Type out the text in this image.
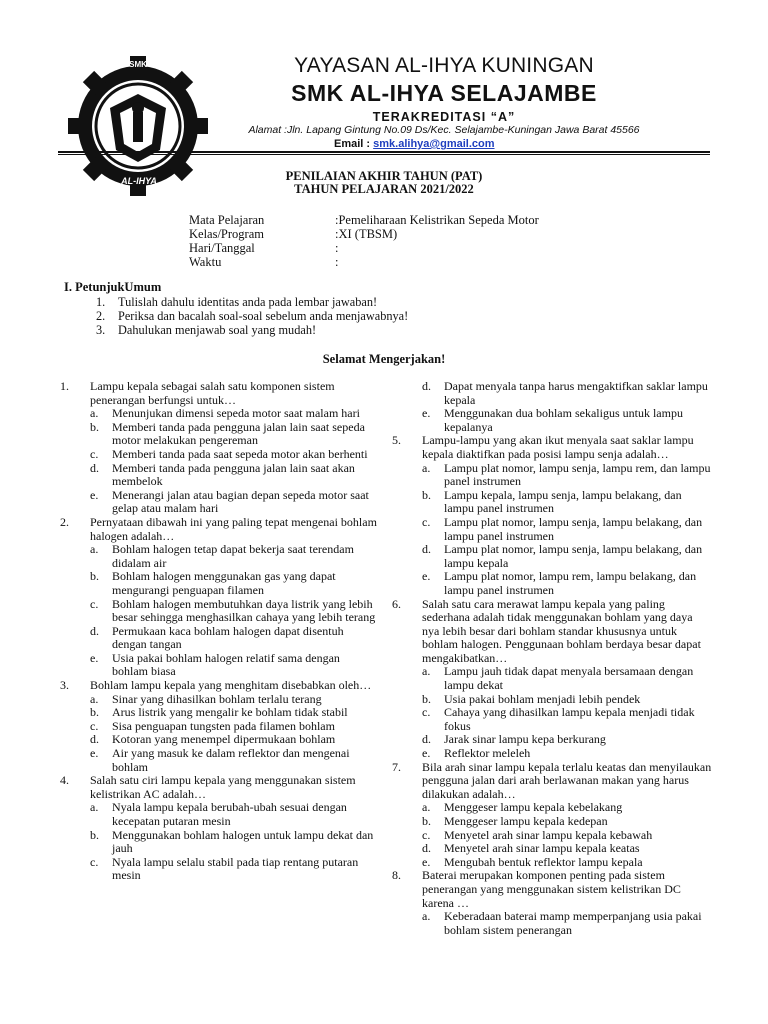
SMK
AL-IHYA
YAYASAN AL-IHYA KUNINGAN
SMK AL-IHYA SELAJAMBE
TERAKREDITASI “A”
Alamat :Jln. Lapang Gintung No.09 Ds/Kec. Selajambe-Kuningan Jawa Barat 45566
Email : smk.alihya@gmail.com
PENILAIAN AKHIR TAHUN (PAT)
TAHUN PELAJARAN 2021/2022
Mata Pelajaran	:Pemeliharaan Kelistrikan Sepeda Motor
Kelas/Program	:XI (TBSM)
Hari/Tanggal	:
Waktu	:
I. PetunjukUmum
1. Tulislah dahulu identitas anda pada lembar jawaban!
2. Periksa dan bacalah soal-soal sebelum anda menjawabnya!
3. Dahulukan menjawab soal yang mudah!
Selamat Mengerjakan!
1. Lampu kepala sebagai salah satu komponen sistem penerangan berfungsi untuk…
a. Menunjukan dimensi sepeda motor saat malam hari
b. Memberi tanda pada pengguna jalan lain saat sepeda motor melakukan pengereman
c. Memberi tanda pada saat sepeda motor akan berhenti
d. Memberi tanda pada pengguna jalan lain saat akan membelok
e. Menerangi jalan atau bagian depan sepeda motor saat gelap atau malam hari
2. Pernyataan dibawah ini yang paling tepat mengenai bohlam halogen adalah…
a. Bohlam halogen tetap dapat bekerja saat terendam didalam air
b. Bohlam halogen menggunakan gas yang dapat mengurangi penguapan filamen
c. Bohlam halogen membutuhkan daya listrik yang lebih besar sehingga menghasilkan cahaya yang lebih terang
d. Permukaan kaca bohlam halogen dapat disentuh dengan tangan
e. Usia pakai bohlam halogen relatif sama dengan bohlam biasa
3. Bohlam lampu kepala yang menghitam disebabkan oleh…
a. Sinar yang dihasilkan bohlam terlalu terang
b. Arus listrik yang mengalir ke bohlam tidak stabil
c. Sisa penguapan tungsten pada filamen bohlam
d. Kotoran yang menempel dipermukaan bohlam
e. Air yang masuk ke dalam reflektor dan mengenai bohlam
4. Salah satu ciri lampu kepala yang menggunakan sistem kelistrikan AC adalah…
a. Nyala lampu kepala berubah-ubah sesuai dengan kecepatan putaran mesin
b. Menggunakan bohlam halogen untuk lampu dekat dan jauh
c. Nyala lampu selalu stabil pada tiap rentang putaran mesin
d. Dapat menyala tanpa harus mengaktifkan saklar lampu kepala
e. Menggunakan dua bohlam sekaligus untuk lampu kepalanya
5. Lampu-lampu yang akan ikut menyala saat saklar lampu kepala diaktifkan pada posisi lampu senja adalah…
a. Lampu plat nomor, lampu senja, lampu rem, dan lampu panel instrumen
b. Lampu kepala, lampu senja, lampu belakang, dan lampu panel instrumen
c. Lampu plat nomor, lampu senja, lampu belakang, dan lampu panel instrumen
d. Lampu plat nomor, lampu senja, lampu belakang, dan lampu kepala
e. Lampu plat nomor, lampu rem, lampu belakang, dan lampu panel instrumen
6. Salah satu cara merawat lampu kepala yang paling sederhana adalah tidak menggunakan bohlam yang daya nya lebih besar dari bohlam standar khususnya untuk bohlam halogen. Penggunaan bohlam berdaya besar dapat mengakibatkan…
a. Lampu jauh tidak dapat menyala bersamaan dengan lampu dekat
b. Usia pakai bohlam menjadi lebih pendek
c. Cahaya yang dihasilkan lampu kepala menjadi tidak fokus
d. Jarak sinar lampu kepa berkurang
e. Reflektor meleleh
7. Bila arah sinar lampu kepala terlalu keatas dan menyilaukan pengguna jalan dari arah berlawanan makan yang harus dilakukan adalah…
a. Menggeser lampu kepala kebelakang
b. Menggeser lampu kepala kedepan
c. Menyetel arah sinar lampu kepala kebawah
d. Menyetel arah sinar lampu kepala keatas
e. Mengubah bentuk reflektor lampu kepala
8. Baterai merupakan komponen penting pada sistem penerangan yang menggunakan sistem kelistrikan DC karena …
a. Keberadaan baterai mamp memperpanjang usia pakai bohlam sistem penerangan
